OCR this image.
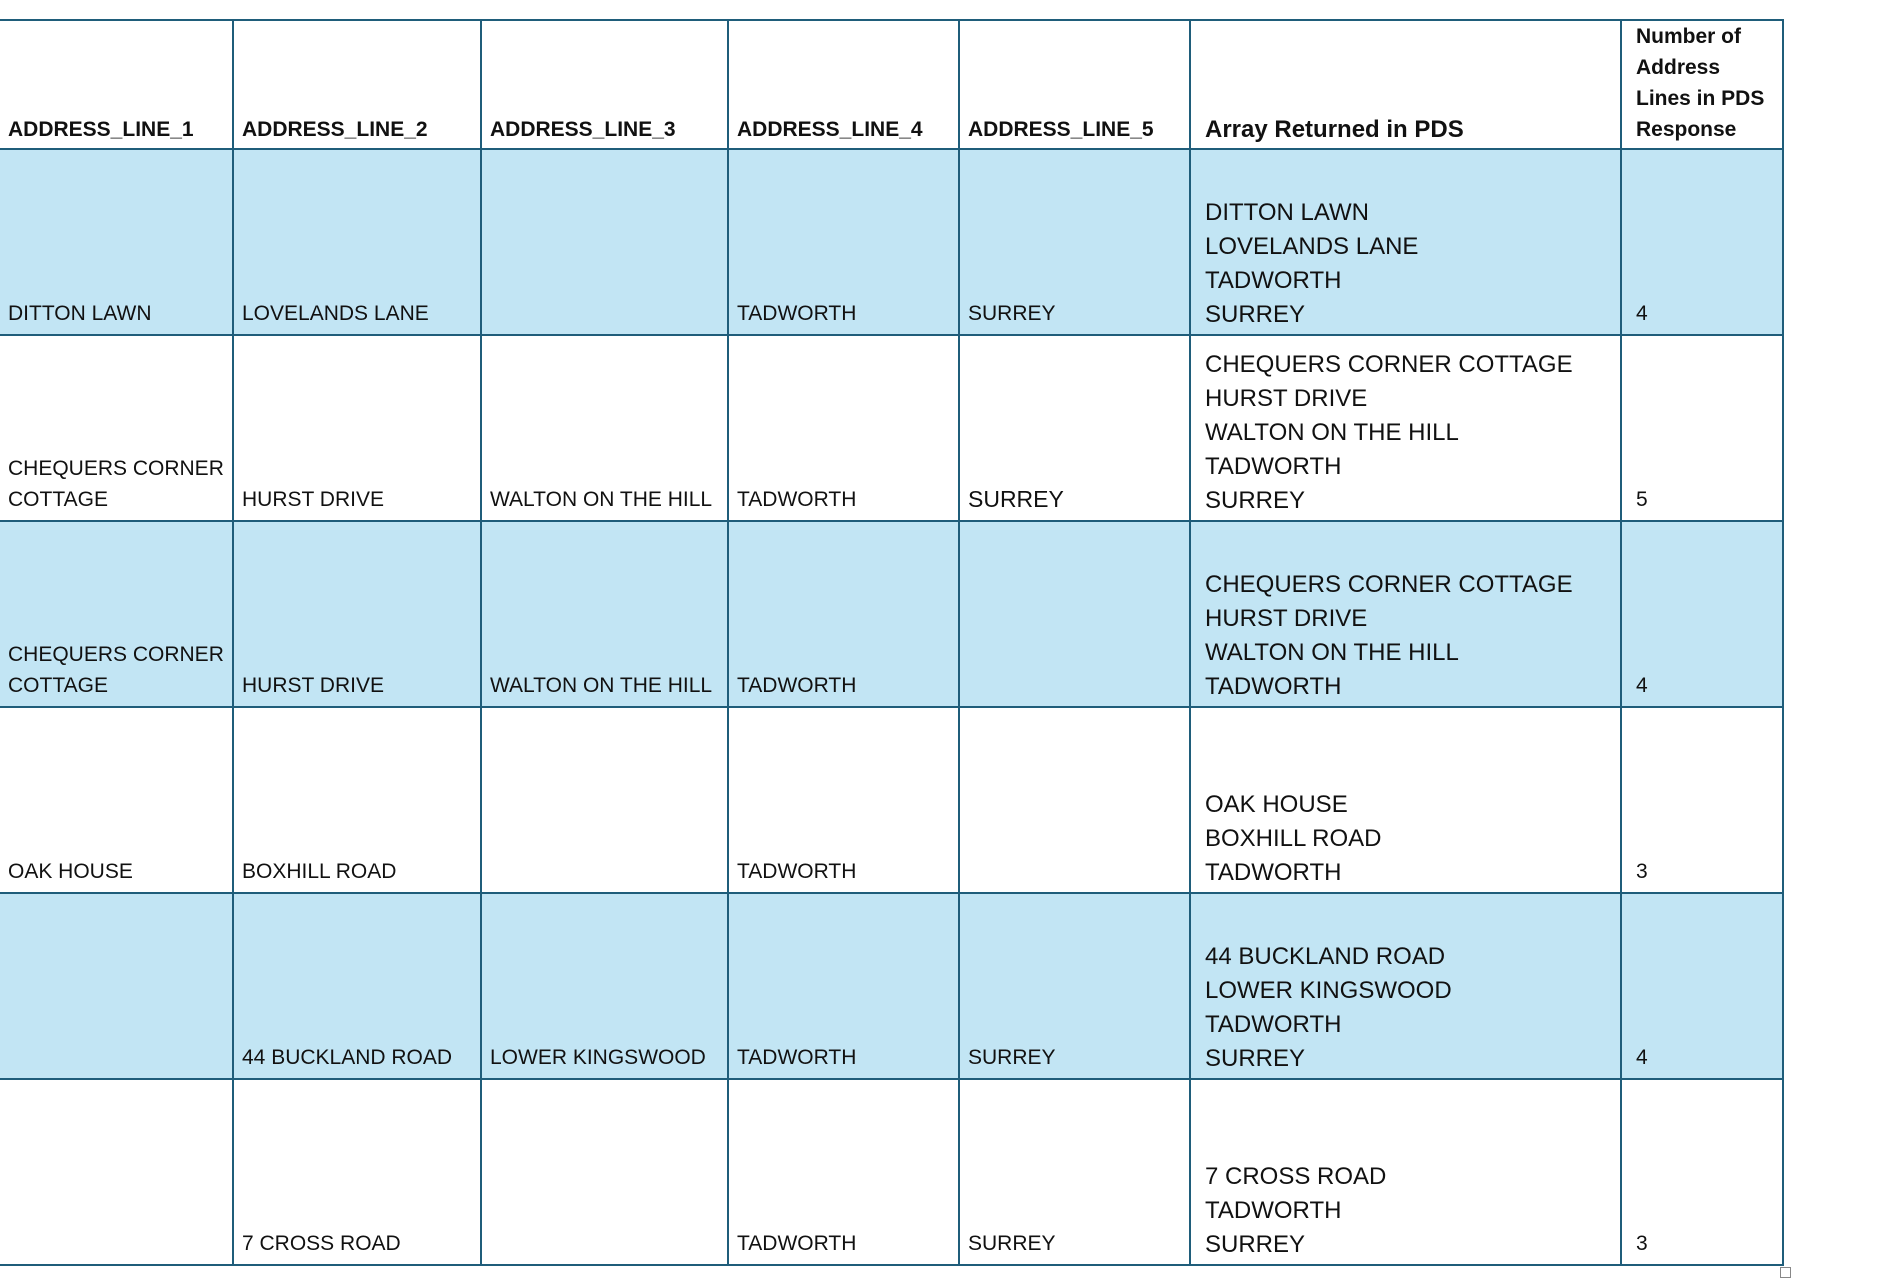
ADDRESS_LINE_1	ADDRESS_LINE_2	ADDRESS_LINE_3	ADDRESS_LINE_4	ADDRESS_LINE_5	Array Returned in PDS	Number of Address Lines in PDS Response
DITTON LAWN	LOVELANDS LANE		TADWORTH	SURREY	DITTON LAWN
LOVELANDS LANE
TADWORTH
SURREY	4
CHEQUERS CORNER COTTAGE	HURST DRIVE	WALTON ON THE HILL	TADWORTH	SURREY	CHEQUERS CORNER COTTAGE
HURST DRIVE
WALTON ON THE HILL
TADWORTH
SURREY	5
CHEQUERS CORNER COTTAGE	HURST DRIVE	WALTON ON THE HILL	TADWORTH		CHEQUERS CORNER COTTAGE
HURST DRIVE
WALTON ON THE HILL
TADWORTH	4
OAK HOUSE	BOXHILL ROAD		TADWORTH		OAK HOUSE
BOXHILL ROAD
TADWORTH	3
	44 BUCKLAND ROAD	LOWER KINGSWOOD	TADWORTH	SURREY	44 BUCKLAND ROAD
LOWER KINGSWOOD
TADWORTH
SURREY	4
	7 CROSS ROAD		TADWORTH	SURREY	7 CROSS ROAD
TADWORTH
SURREY	3
